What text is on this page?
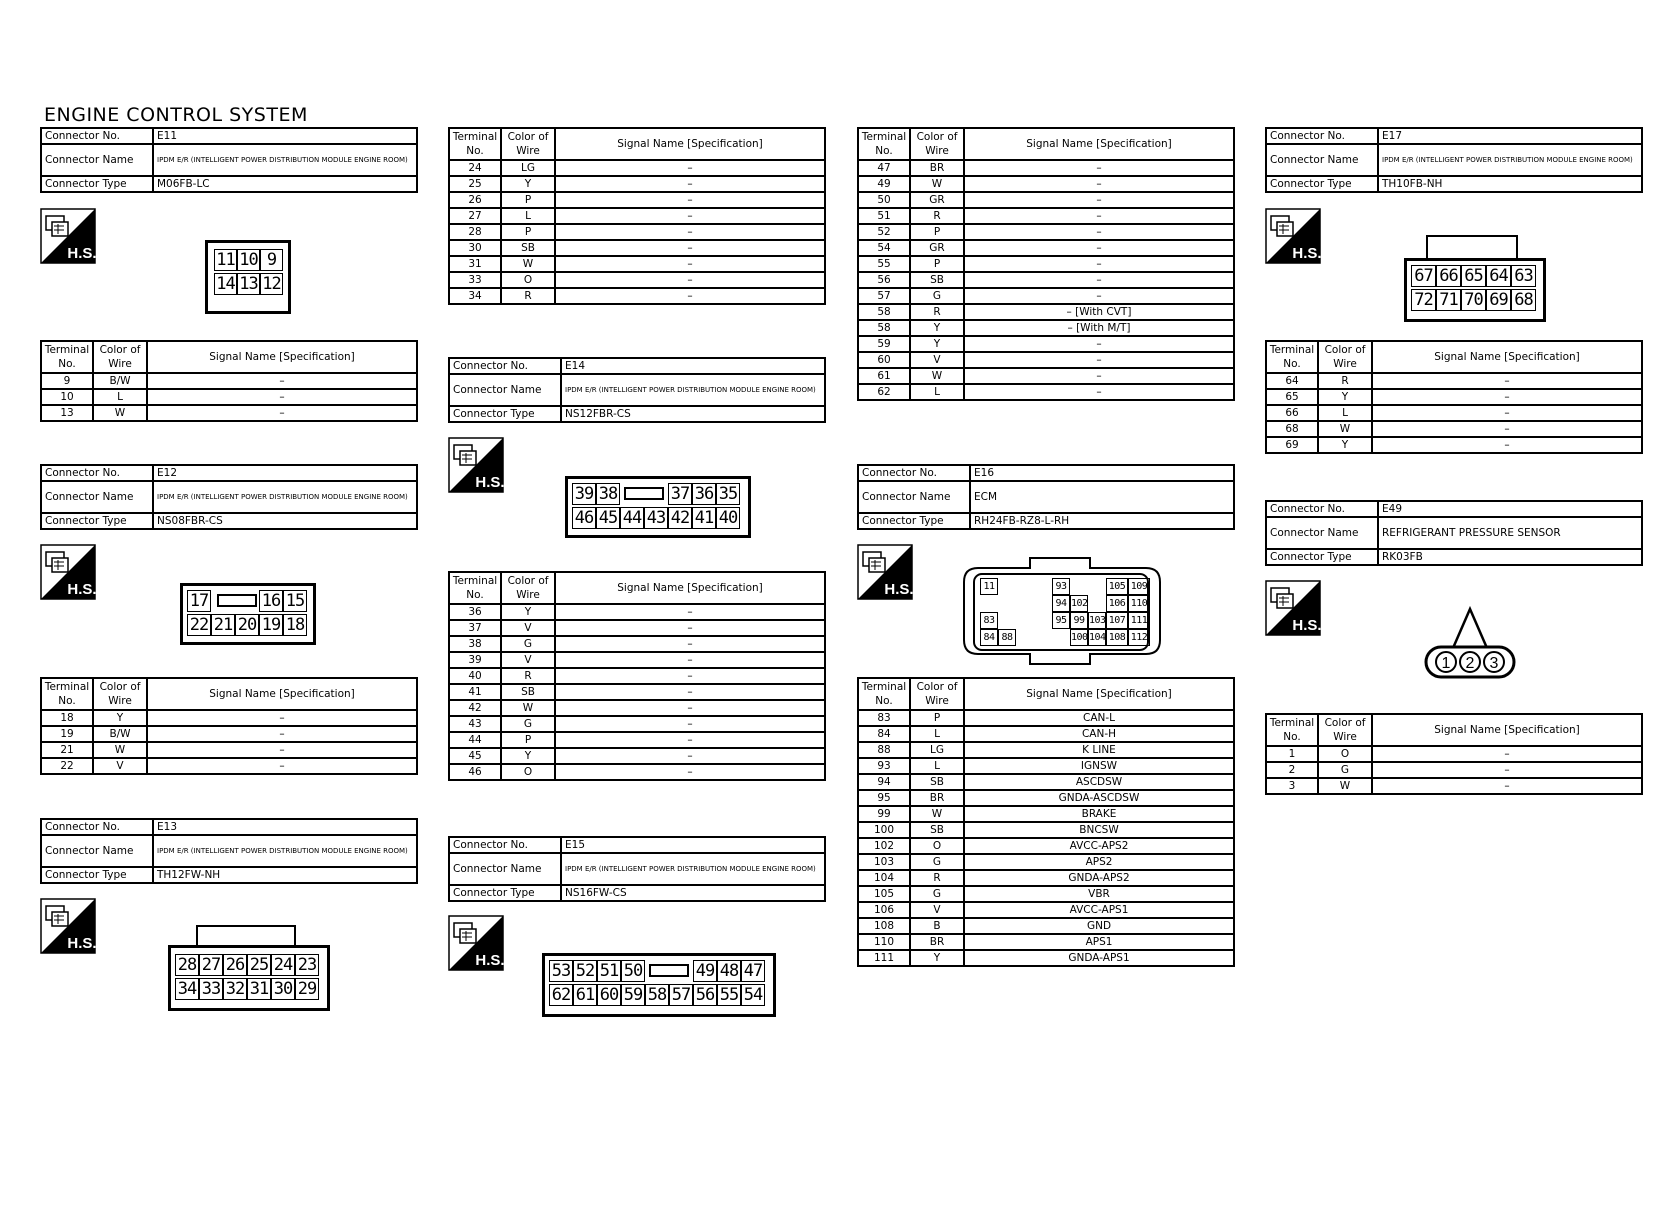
ENGINE CONTROL SYSTEM
Connector No.	E11
Connector Name	IPDM E/R (INTELLIGENT POWER DISTRIBUTION MODULE ENGINE ROOM)
Connector Type	M06FB-LC
H.S.	11 10 9
14 13 12
Terminal No.	Color of Wire	Signal Name [Specification]
9	B/W	–
10	L	–
13	W	–
Connector No.	E12
Connector Name	IPDM E/R (INTELLIGENT POWER DISTRIBUTION MODULE ENGINE ROOM)
Connector Type	NS08FBR-CS
H.S.
17	16 15
22 21 20 19 18
Terminal No.	Color of Wire	Signal Name [Specification]
18	Y	–
19	B/W	–
21	W	–
22	V	–
Connector No.	E13
Connector Name	IPDM E/R (INTELLIGENT POWER DISTRIBUTION MODULE ENGINE ROOM)
Connector Type	TH12FW-NH
H.S.
28 27 26 25 24 23
34 33 32 31 30 29
Terminal No.	Color of Wire	Signal Name [Specification]
24	LG	–
25	Y	–
26	P	–
27	L	–
28	P	–
30	SB	–
31	W	–
33	O	–
34	R	–
Connector No.	E14
Connector Name	IPDM E/R (INTELLIGENT POWER DISTRIBUTION MODULE ENGINE ROOM)
Connector Type	NS12FBR-CS
H.S.
39 38	37 36 35
46 45 44 43 42 41 40
Terminal No.	Color of Wire	Signal Name [Specification]
36	Y	–
37	V	–
38	G	–
39	V	–
40	R	–
41	SB	–
42	W	–
43	G	–
44	P	–
45	Y	–
46	O	–
Connector No.	E15
Connector Name	IPDM E/R (INTELLIGENT POWER DISTRIBUTION MODULE ENGINE ROOM)
Connector Type	NS16FW-CS
H.S.
53 52 51 50	49 48 47
62 61 60 59 58 57 56 55 54
Terminal No.	Color of Wire	Signal Name [Specification]
47	BR	–
49	W	–
50	GR	–
51	R	–
52	P	–
54	GR	–
55	P	–
56	SB	–
57	G	–
58	R	– [With CVT]
58	Y	– [With M/T]
59	Y	–
60	V	–
61	W	–
62	L	–
Connector No.	E16
Connector Name	ECM
Connector Type	RH24FB-RZ8-L-RH
H.S.	11	93	105 109
94 102 106 110
83	95 99 103 107 111
84 88	100 104 108 112
Terminal No.	Color of Wire	Signal Name [Specification]
83	P	CAN-L
84	L	CAN-H
88	LG	K LINE
93	L	IGNSW
94	SB	ASCDSW
95	BR	GNDA-ASCDSW
99	W	BRAKE
100	SB	BNCSW
102	O	AVCC-APS2
103	G	APS2
104	R	GNDA-APS2
105	G	VBR
106	V	AVCC-APS1
108	B	GND
110	BR	APS1
111	Y	GNDA-APS1
Connector No.	E17
Connector Name	IPDM E/R (INTELLIGENT POWER DISTRIBUTION MODULE ENGINE ROOM)
Connector Type	TH10FB-NH
H.S.
67 66 65 64 63
72 71 70 69 68
Terminal No.	Color of Wire	Signal Name [Specification]
64	R	–
65	Y	–
66	L	–
68	W	–
69	Y	–
Connector No.	E49
Connector Name	REFRIGERANT PRESSURE SENSOR
Connector Type	RK03FB
H.S.
1 2 3
Terminal No.	Color of Wire	Signal Name [Specification]
1	O	–
2	G	–
3	W	–
